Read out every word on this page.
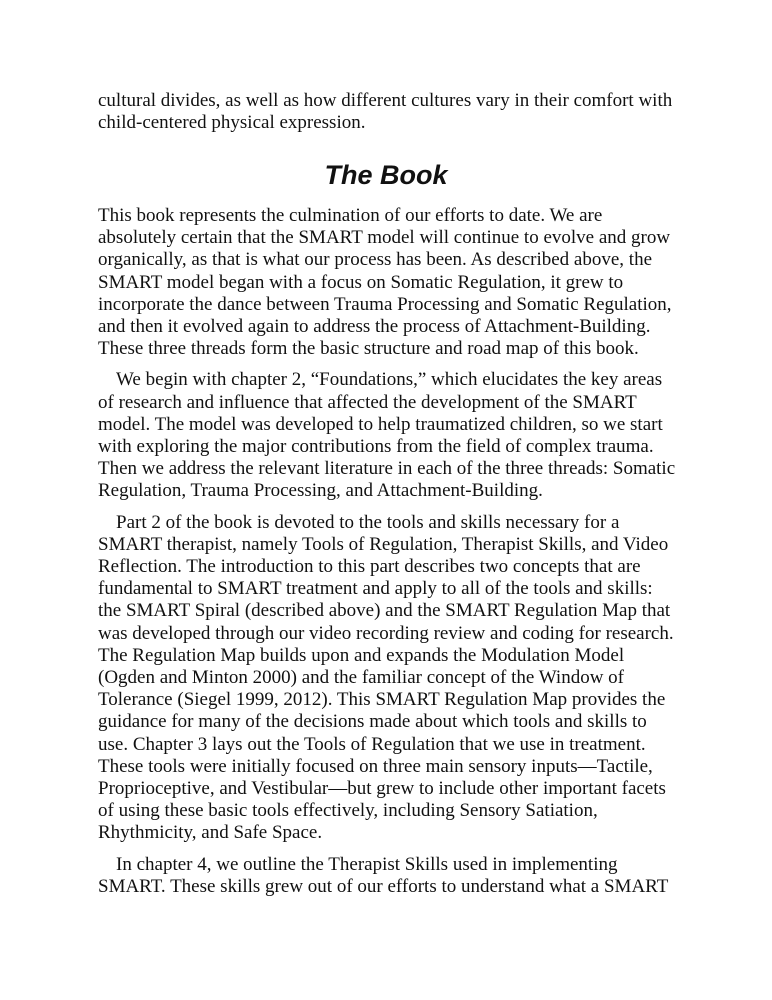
cultural divides, as well as how different cultures vary in their comfort with child-centered physical expression.

The Book

This book represents the culmination of our efforts to date. We are absolutely certain that the SMART model will continue to evolve and grow organically, as that is what our process has been. As described above, the SMART model began with a focus on Somatic Regulation, it grew to incorporate the dance between Trauma Processing and Somatic Regulation, and then it evolved again to address the process of Attachment-Building. These three threads form the basic structure and road map of this book.

We begin with chapter 2, “Foundations,” which elucidates the key areas of research and influence that affected the development of the SMART model. The model was developed to help traumatized children, so we start with exploring the major contributions from the field of complex trauma. Then we address the relevant literature in each of the three threads: Somatic Regulation, Trauma Processing, and Attachment-Building.

Part 2 of the book is devoted to the tools and skills necessary for a SMART therapist, namely Tools of Regulation, Therapist Skills, and Video Reflection. The introduction to this part describes two concepts that are fundamental to SMART treatment and apply to all of the tools and skills: the SMART Spiral (described above) and the SMART Regulation Map that was developed through our video recording review and coding for research. The Regulation Map builds upon and expands the Modulation Model (Ogden and Minton 2000) and the familiar concept of the Window of Tolerance (Siegel 1999, 2012). This SMART Regulation Map provides the guidance for many of the decisions made about which tools and skills to use. Chapter 3 lays out the Tools of Regulation that we use in treatment. These tools were initially focused on three main sensory inputs—Tactile, Proprioceptive, and Vestibular—but grew to include other important facets of using these basic tools effectively, including Sensory Satiation, Rhythmicity, and Safe Space.

In chapter 4, we outline the Therapist Skills used in implementing SMART. These skills grew out of our efforts to understand what a SMART
